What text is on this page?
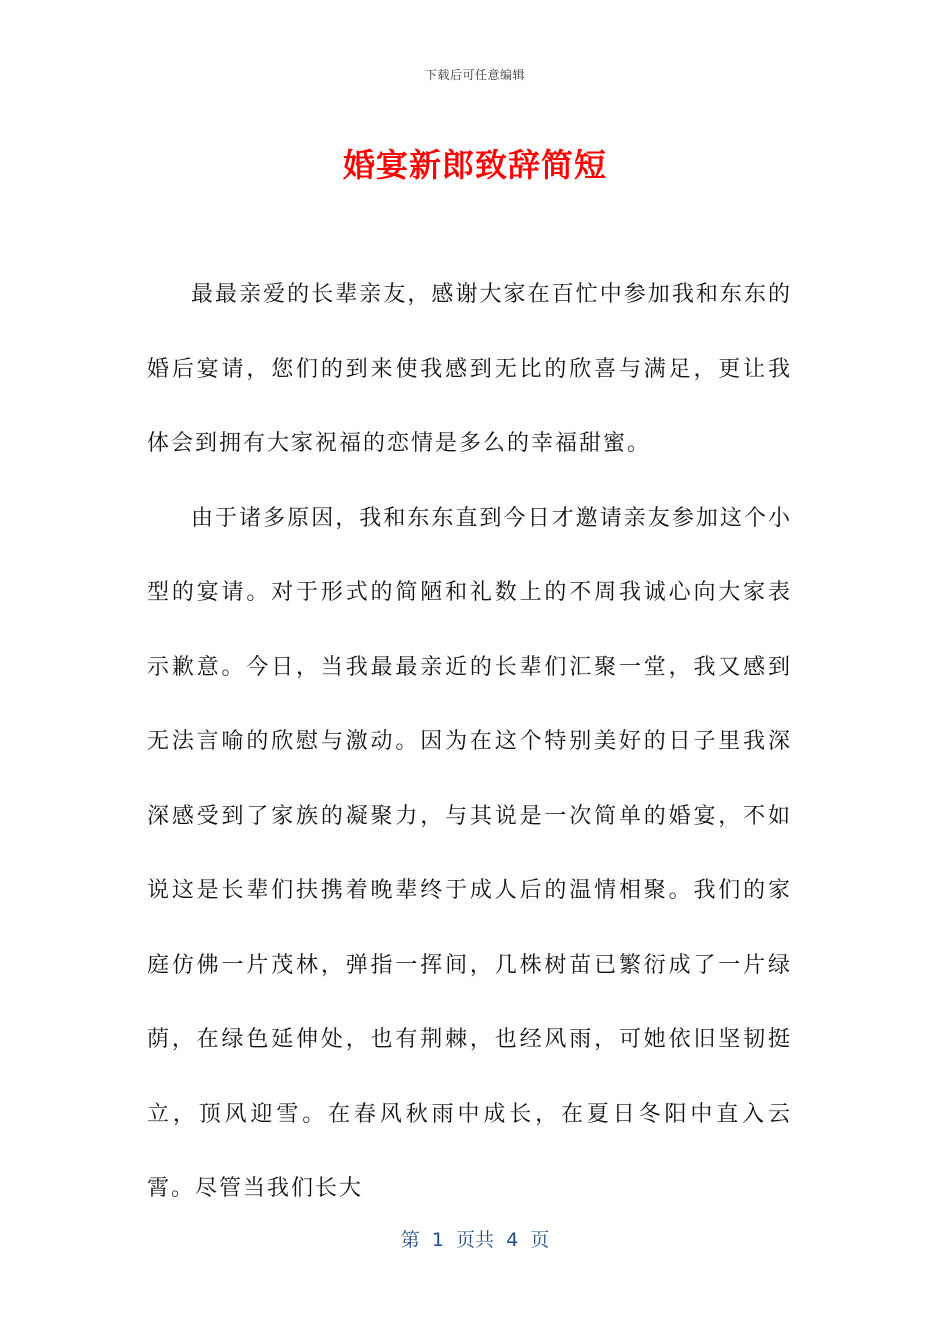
下载后可任意编辑
婚宴新郎致辞简短

最最亲爱的长辈亲友，感谢大家在百忙中参加我和东东的婚后宴请，您们的到来使我感到无比的欣喜与满足，更让我体会到拥有大家祝福的恋情是多么的幸福甜蜜。

由于诸多原因，我和东东直到今日才邀请亲友参加这个小型的宴请。对于形式的简陋和礼数上的不周我诚心向大家表示歉意。今日，当我最最亲近的长辈们汇聚一堂，我又感到无法言喻的欣慰与激动。因为在这个特别美好的日子里我深深感受到了家族的凝聚力，与其说是一次简单的婚宴，不如说这是长辈们扶携着晚辈终于成人后的温情相聚。我们的家庭仿佛一片茂林，弹指一挥间，几株树苗已繁衍成了一片绿荫，在绿色延伸处，也有荆棘，也经风雨，可她依旧坚韧挺立，顶风迎雪。在春风秋雨中成长，在夏日冬阳中直入云霄。尽管当我们长大

第  1  页共  4  页
